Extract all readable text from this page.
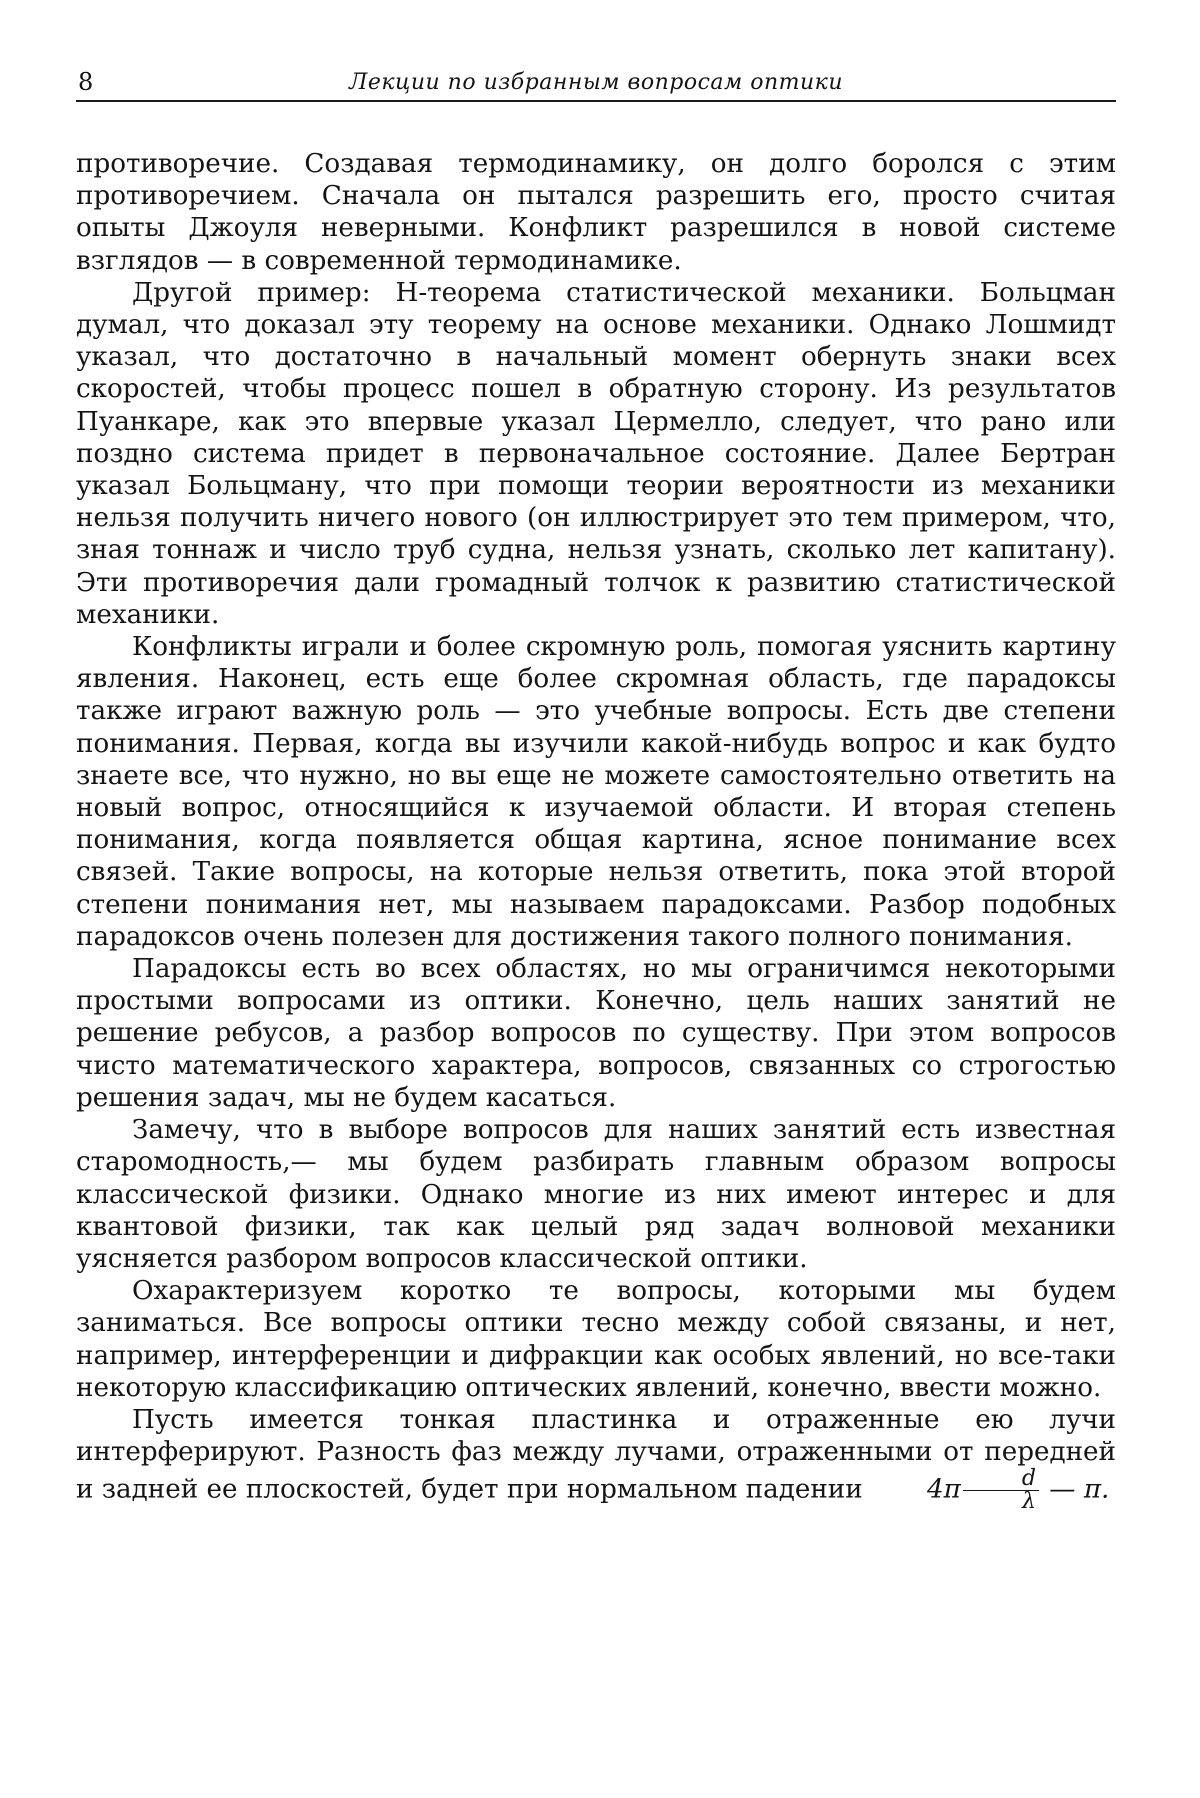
8	Лекции по избранным вопросам оптики

противоречие. Создавая термодинамику, он долго боролся с этим противоречием. Сначала он пытался разрешить его, просто считая опыты Джоуля неверными. Конфликт разрешился в новой системе взглядов — в современной термодинамике.

Другой пример: H-теорема статистической механики. Больцман думал, что доказал эту теорему на основе механики. Однако Лошмидт указал, что достаточно в начальный момент обернуть знаки всех скоростей, чтобы процесс пошел в обратную сторону. Из результатов Пуанкаре, как это впервые указал Цермелло, следует, что рано или поздно система придет в первоначальное состояние. Далее Бертран указал Больцману, что при помощи теории вероятности из механики нельзя получить ничего нового (он иллюстрирует это тем примером, что, зная тоннаж и число труб судна, нельзя узнать, сколько лет капитану). Эти противоречия дали громадный толчок к развитию статистической механики.

Конфликты играли и более скромную роль, помогая уяснить картину явления. Наконец, есть еще более скромная область, где парадоксы также играют важную роль — это учебные вопросы. Есть две степени понимания. Первая, когда вы изучили какой-нибудь вопрос и как будто знаете все, что нужно, но вы еще не можете самостоятельно ответить на новый вопрос, относящийся к изучаемой области. И вторая степень понимания, когда появляется общая картина, ясное понимание всех связей. Такие вопросы, на которые нельзя ответить, пока этой второй степени понимания нет, мы называем парадоксами. Разбор подобных парадоксов очень полезен для достижения такого полного понимания.

Парадоксы есть во всех областях, но мы ограничимся некоторыми простыми вопросами из оптики. Конечно, цель наших занятий не решение ребусов, а разбор вопросов по существу. При этом вопросов чисто математического характера, вопросов, связанных со строгостью решения задач, мы не будем касаться.

Замечу, что в выборе вопросов для наших занятий есть известная старомодность,— мы будем разбирать главным образом вопросы классической физики. Однако многие из них имеют интерес и для квантовой физики, так как целый ряд задач волновой механики уясняется разбором вопросов классической оптики.

Охарактеризуем коротко те вопросы, которыми мы будем заниматься. Все вопросы оптики тесно между собой связаны, и нет, например, интерференции и дифракции как особых явлений, но все-таки некоторую классификацию оптических явлений, конечно, ввести можно.

Пусть имеется тонкая пластинка и отраженные ею лучи интерферируют. Разность фаз между лучами, отраженными от передней и задней ее плоскостей, будет при нормальном падении $4\pi \frac{d}{\lambda}$ — π.
